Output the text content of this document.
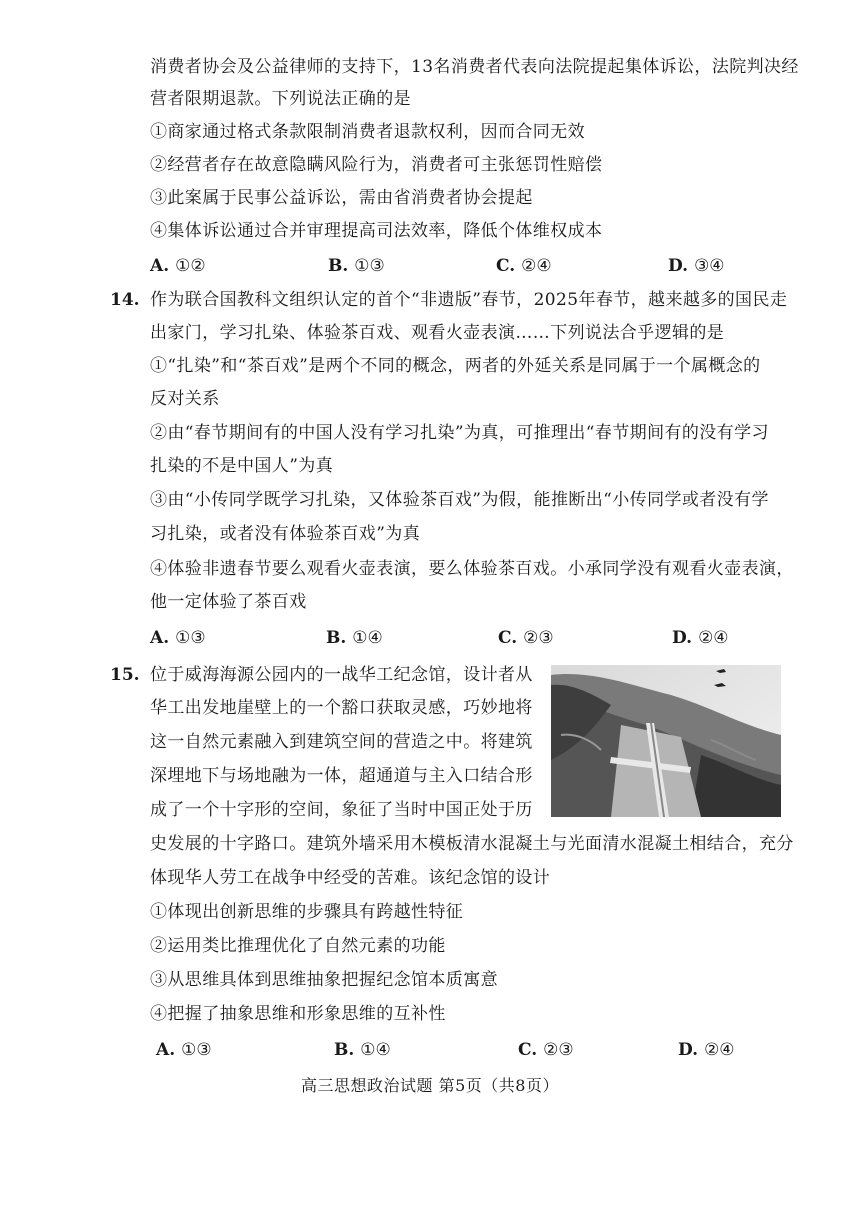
消费者协会及公益律师的支持下，13名消费者代表向法院提起集体诉讼，法院判决经
营者限期退款。下列说法正确的是
①商家通过格式条款限制消费者退款权利，因而合同无效
②经营者存在故意隐瞒风险行为，消费者可主张惩罚性赔偿
③此案属于民事公益诉讼，需由省消费者协会提起
④集体诉讼通过合并审理提高司法效率，降低个体维权成本
A. ①②	B. ①③	C. ②④	D. ③④
14. 作为联合国教科文组织认定的首个“非遗版”春节，2025年春节，越来越多的国民走
出家门，学习扎染、体验茶百戏、观看火壶表演……下列说法合乎逻辑的是
①“扎染”和“茶百戏”是两个不同的概念，两者的外延关系是同属于一个属概念的
反对关系
②由“春节期间有的中国人没有学习扎染”为真，可推理出“春节期间有的没有学习
扎染的不是中国人”为真
③由“小传同学既学习扎染，又体验茶百戏”为假，能推断出“小传同学或者没有学
习扎染，或者没有体验茶百戏”为真
④体验非遗春节要么观看火壶表演，要么体验茶百戏。小承同学没有观看火壶表演，
他一定体验了茶百戏
A. ①③	B. ①④	C. ②③	D. ②④
15. 位于威海海源公园内的一战华工纪念馆，设计者从
华工出发地崖壁上的一个豁口获取灵感，巧妙地将
这一自然元素融入到建筑空间的营造之中。将建筑
深埋地下与场地融为一体，超通道与主入口结合形
成了一个十字形的空间，象征了当时中国正处于历
史发展的十字路口。建筑外墙采用木模板清水混凝土与光面清水混凝土相结合，充分
体现华人劳工在战争中经受的苦难。该纪念馆的设计
①体现出创新思维的步骤具有跨越性特征
②运用类比推理优化了自然元素的功能
③从思维具体到思维抽象把握纪念馆本质寓意
④把握了抽象思维和形象思维的互补性
A. ①③	B. ①④	C. ②③	D. ②④
高三思想政治试题 第5页（共8页）
